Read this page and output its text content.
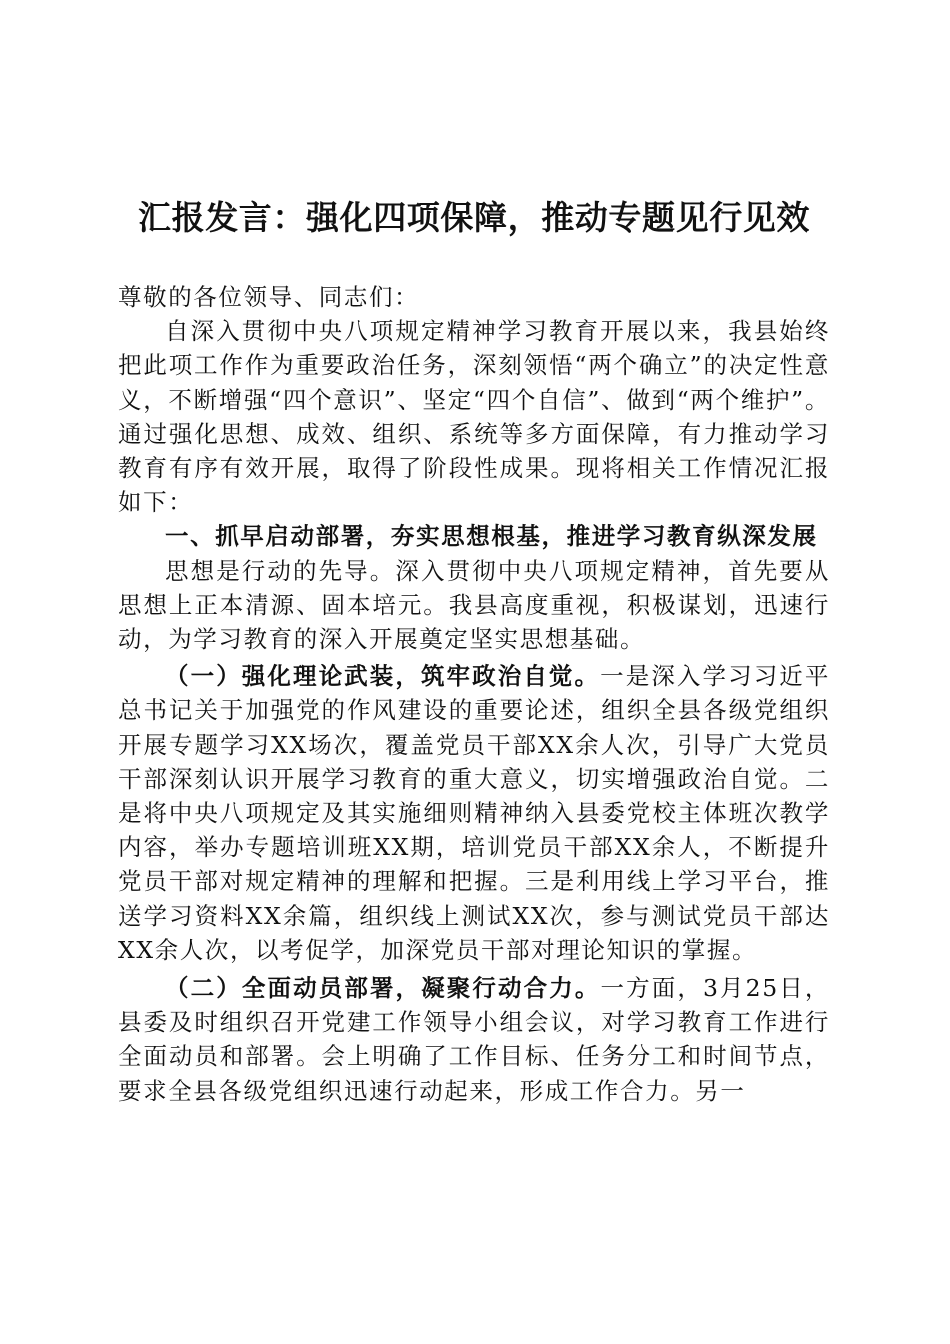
汇报发言：强化四项保障，推动专题见行见效

尊敬的各位领导、同志们：

自深入贯彻中央八项规定精神学习教育开展以来，我县始终把此项工作作为重要政治任务，深刻领悟“两个确立”的决定性意义，不断增强“四个意识”、坚定“四个自信”、做到“两个维护”。通过强化思想、成效、组织、系统等多方面保障，有力推动学习教育有序有效开展，取得了阶段性成果。现将相关工作情况汇报如下：

一、抓早启动部署，夯实思想根基，推进学习教育纵深发展

思想是行动的先导。深入贯彻中央八项规定精神，首先要从思想上正本清源、固本培元。我县高度重视，积极谋划，迅速行动，为学习教育的深入开展奠定坚实思想基础。

（一）强化理论武装，筑牢政治自觉。一是深入学习习近平总书记关于加强党的作风建设的重要论述，组织全县各级党组织开展专题学习XX场次，覆盖党员干部XX余人次，引导广大党员干部深刻认识开展学习教育的重大意义，切实增强政治自觉。二是将中央八项规定及其实施细则精神纳入县委党校主体班次教学内容，举办专题培训班XX期，培训党员干部XX余人，不断提升党员干部对规定精神的理解和把握。三是利用线上学习平台，推送学习资料XX余篇，组织线上测试XX次，参与测试党员干部达XX余人次，以考促学，加深党员干部对理论知识的掌握。

（二）全面动员部署，凝聚行动合力。一方面，3月25日，县委及时组织召开党建工作领导小组会议，对学习教育工作进行全面动员和部署。会上明确了工作目标、任务分工和时间节点，要求全县各级党组织迅速行动起来，形成工作合力。另一
